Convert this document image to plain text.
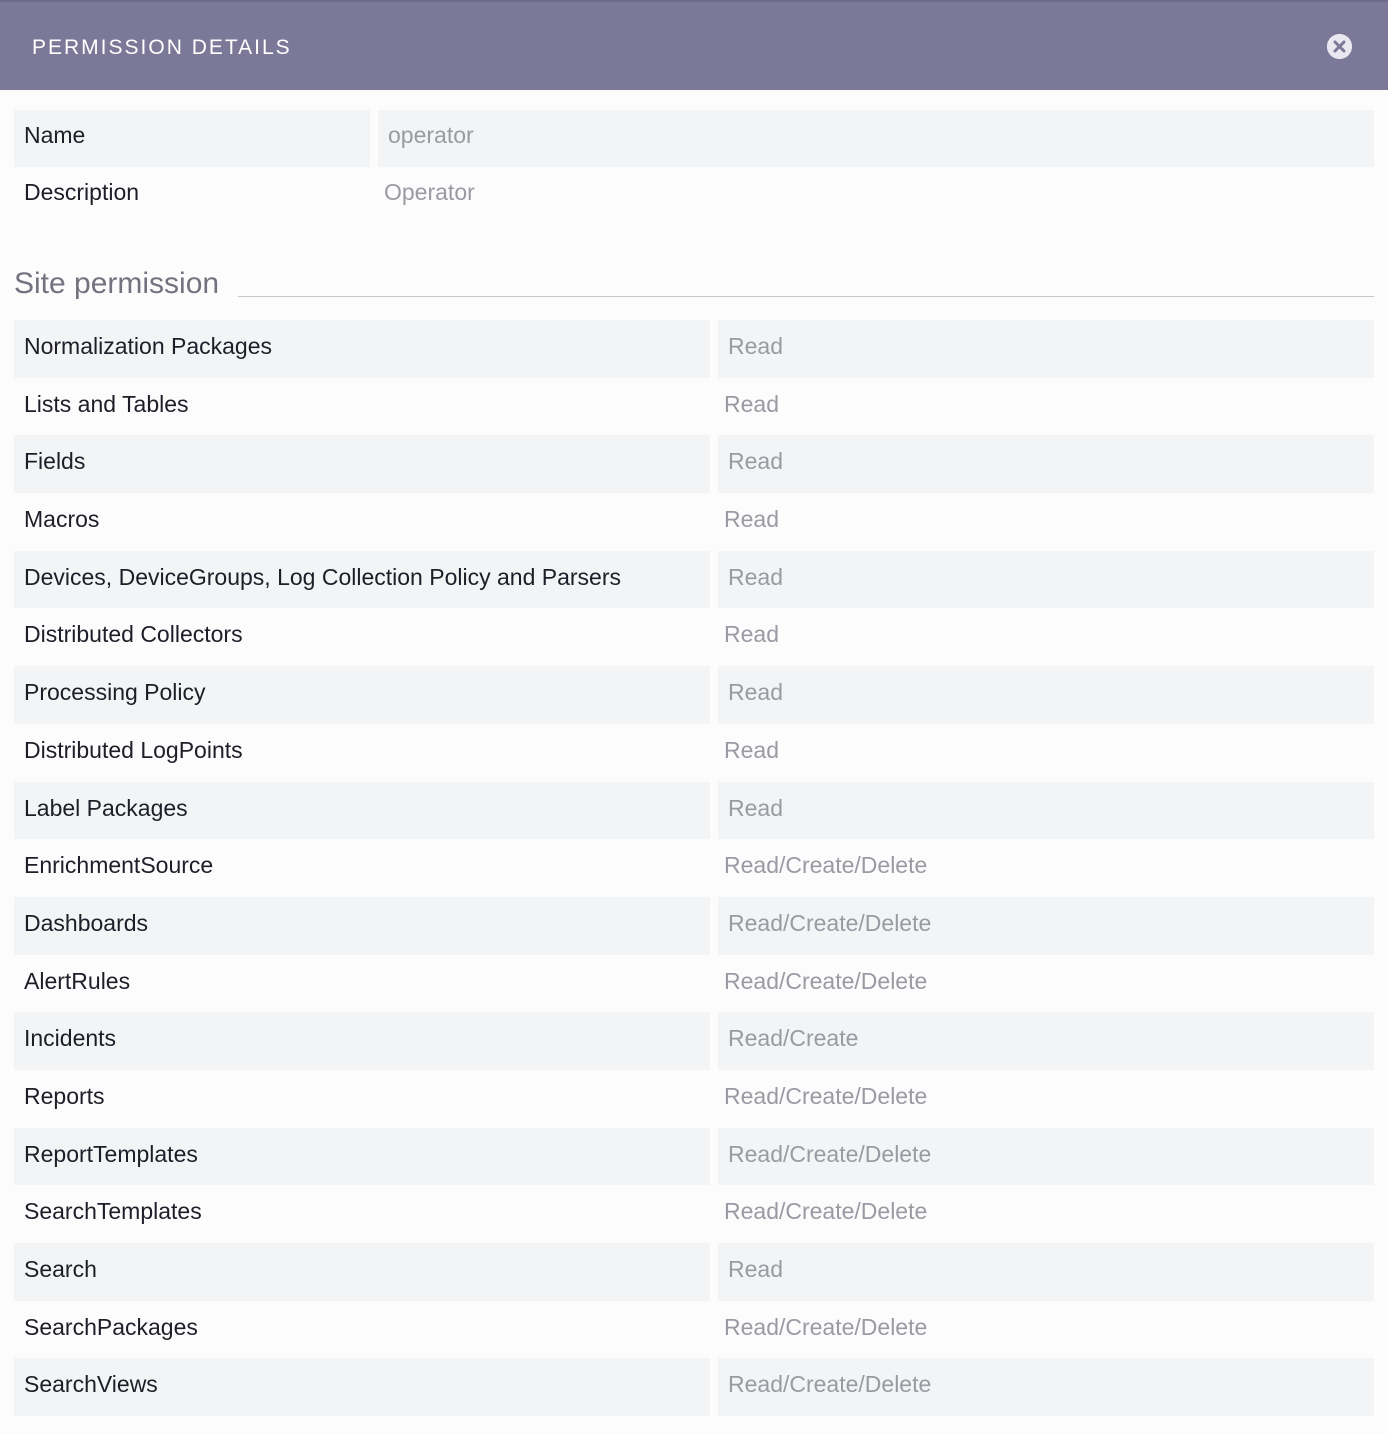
PERMISSION DETAILS
Name	operator
Description	Operator
Site permission
Normalization Packages	Read
Lists and Tables	Read
Fields	Read
Macros	Read
Devices, DeviceGroups, Log Collection Policy and Parsers	Read
Distributed Collectors	Read
Processing Policy	Read
Distributed LogPoints	Read
Label Packages	Read
EnrichmentSource	Read/Create/Delete
Dashboards	Read/Create/Delete
AlertRules	Read/Create/Delete
Incidents	Read/Create
Reports	Read/Create/Delete
ReportTemplates	Read/Create/Delete
SearchTemplates	Read/Create/Delete
Search	Read
SearchPackages	Read/Create/Delete
SearchViews	Read/Create/Delete
